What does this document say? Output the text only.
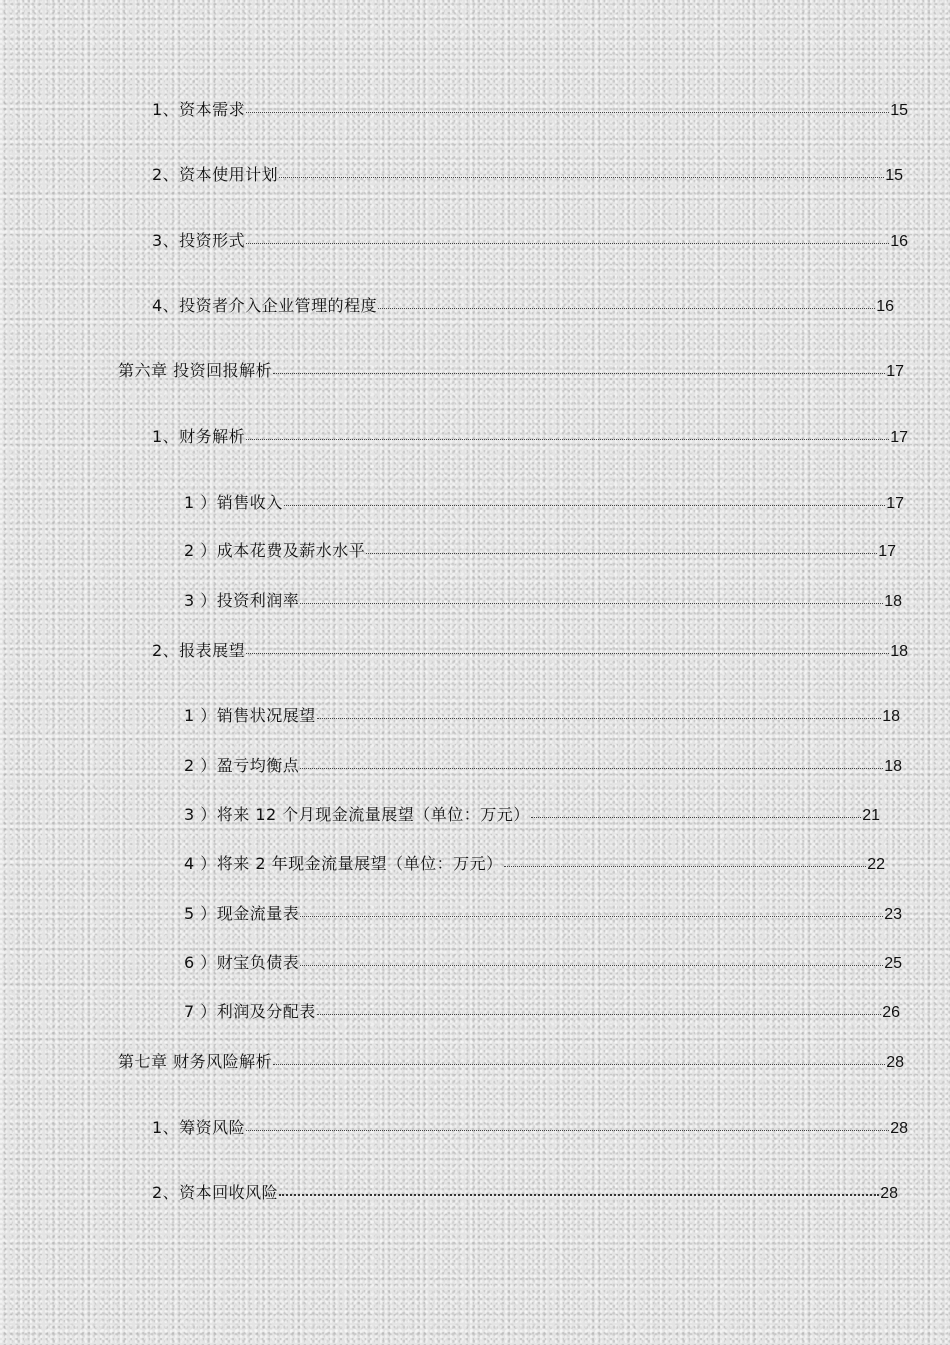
1、资本需求	15
2、资本使用计划	15
3、投资形式	16
4、投资者介入企业管理的程度	16
第六章 投资回报解析	17
1、财务解析	17
1 ）销售收入	17
2 ）成本花费及薪水水平	17
3 ）投资利润率	18
2、报表展望	18
1 ）销售状况展望	18
2 ）盈亏均衡点	18
3 ）将来 12 个月现金流量展望（单位：万元）	21
4 ）将来 2 年现金流量展望（单位：万元）	22
5 ）现金流量表	23
6 ）财宝负债表	25
7 ）利润及分配表	26
第七章 财务风险解析	28
1、筹资风险	28
2、资本回收风险	28
